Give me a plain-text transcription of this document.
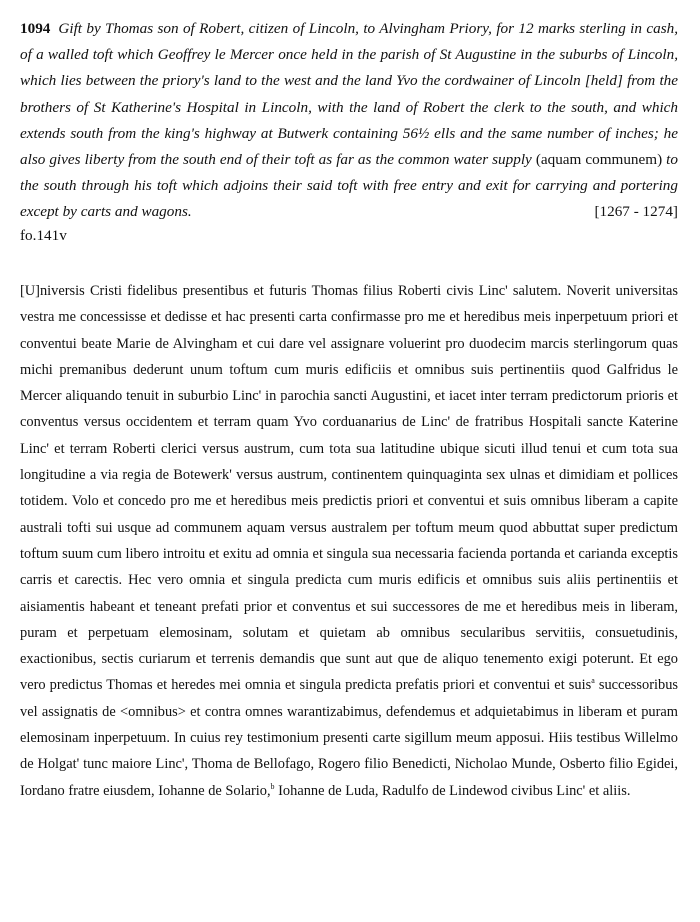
1094 Gift by Thomas son of Robert, citizen of Lincoln, to Alvingham Priory, for 12 marks sterling in cash, of a walled toft which Geoffrey le Mercer once held in the parish of St Augustine in the suburbs of Lincoln, which lies between the priory's land to the west and the land Yvo the cordwainer of Lincoln [held] from the brothers of St Katherine's Hospital in Lincoln, with the land of Robert the clerk to the south, and which extends south from the king's highway at Butwerk containing 56½ ells and the same number of inches; he also gives liberty from the south end of their toft as far as the common water supply (aquam communem) to the south through his toft which adjoins their said toft with free entry and exit for carrying and portering except by carts and wagons.	[1267 - 1274]

fo.141v

[U]niversis Cristi fidelibus presentibus et futuris Thomas filius Roberti civis Linc' salutem. Noverit universitas vestra me concessisse et dedisse et hac presenti carta confirmasse pro me et heredibus meis inperpetuum priori et conventui beate Marie de Alvingham et cui dare vel assignare voluerint pro duodecim marcis sterlingorum quas michi premanibus dederunt unum toftum cum muris edificiis et omnibus suis pertinentiis quod Galfridus le Mercer aliquando tenuit in suburbio Linc' in parochia sancti Augustini, et iacet inter terram predictorum prioris et conventus versus occidentem et terram quam Yvo corduanarius de Linc' de fratribus Hospitali sancte Katerine Linc' et terram Roberti clerici versus austrum, cum tota sua latitudine ubique sicuti illud tenui et cum tota sua longitudine a via regia de Botewerk' versus austrum, continentem quinquaginta sex ulnas et dimidiam et pollices totidem. Volo et concedo pro me et heredibus meis predictis priori et conventui et suis omnibus liberam a capite australi tofti sui usque ad communem aquam versus australem per toftum meum quod abbuttat super predictum toftum suum cum libero introitu et exitu ad omnia et singula sua necessaria facienda portanda et carianda exceptis carris et carectis. Hec vero omnia et singula predicta cum muris edificis et omnibus suis aliis pertinentiis et aisiamentis habeant et teneant prefati prior et conventus et sui successores de me et heredibus meis in liberam, puram et perpetuam elemosinam, solutam et quietam ab omnibus secularibus servitiis, consuetudinis, exactionibus, sectis curiarum et terrenis demandis que sunt aut que de aliquo tenemento exigi poterunt. Et ego vero predictus Thomas et heredes mei omnia et singula predicta prefatis priori et conventui et suis$^a$ successoribus vel assignatis de <omnibus> et contra omnes warantizabimus, defendemus et adquietabimus in liberam et puram elemosinam inperpetuum. In cuius rey testimonium presenti carte sigillum meum apposui. Hiis testibus Willelmo de Holgat' tunc maiore Linc', Thoma de Bellofago, Rogero filio Benedicti, Nicholao Munde, Osberto filio Egidei, Iordano fratre eiusdem, Iohanne de Solario,$^b$ Iohanne de Luda, Radulfo de Lindewod civibus Linc' et aliis.
